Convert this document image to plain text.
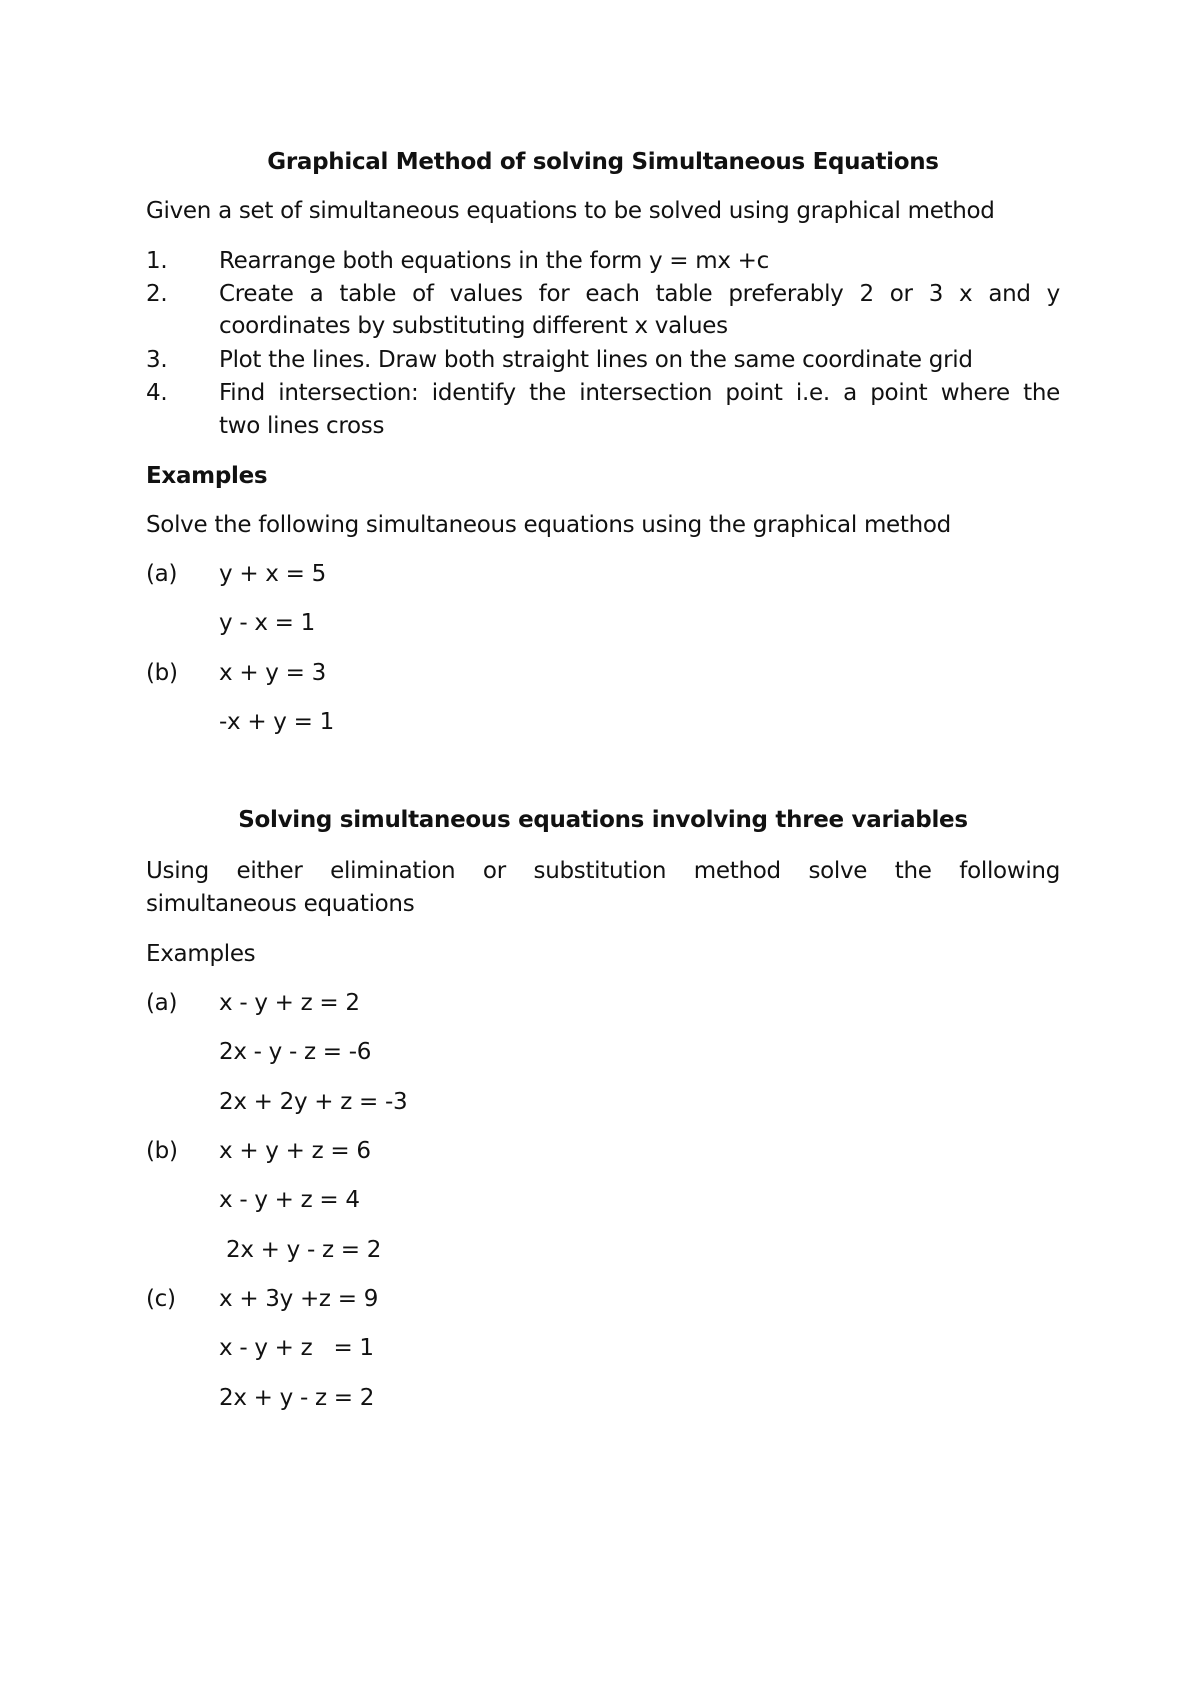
Graphical Method of solving Simultaneous Equations
Given a set of simultaneous equations to be solved using graphical method
1.	Rearrange both equations in the form y = mx +c
2.	Create a table of values for each table preferably 2 or 3 x and y
coordinates by substituting different x values
3.	Plot the lines. Draw both straight lines on the same coordinate grid
4.	Find intersection: identify the intersection point i.e. a point where the
two lines cross
Examples
Solve the following simultaneous equations using the graphical method
(a) y + x = 5
y - x = 1
(b) x + y = 3
-x + y = 1
Solving simultaneous equations involving three variables
Using either elimination or substitution method solve the following
simultaneous equations
Examples
(a) x - y + z = 2
2x - y - z = -6
2x + 2y + z = -3
(b) x + y + z = 6
x - y + z = 4
2x + y - z = 2
(c) x + 3y +z = 9
x - y + z   = 1
2x + y - z = 2
